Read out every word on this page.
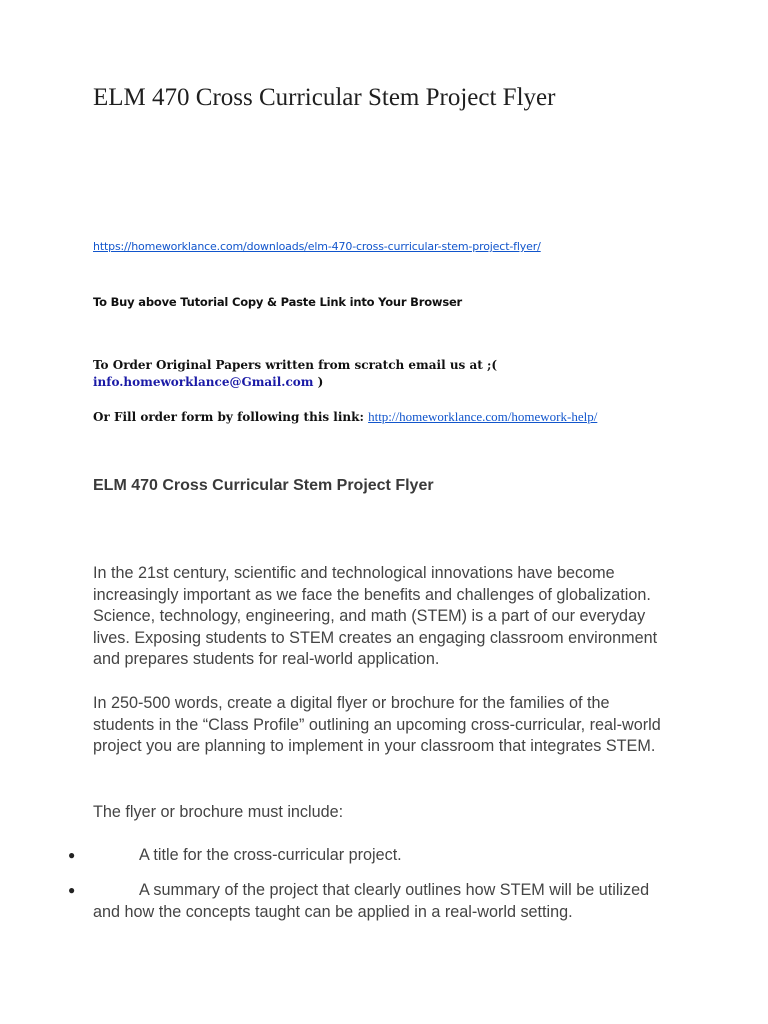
ELM 470 Cross Curricular Stem Project Flyer
https://homeworklance.com/downloads/elm-470-cross-curricular-stem-project-flyer/
To Buy above Tutorial Copy & Paste Link into Your Browser
To Order Original Papers written from scratch email us at ;(
info.homeworklance@Gmail.com )
Or Fill order form by following this link: http://homeworklance.com/homework-help/
ELM 470 Cross Curricular Stem Project Flyer

In the 21st century, scientific and technological innovations have become increasingly important as we face the benefits and challenges of globalization. Science, technology, engineering, and math (STEM) is a part of our everyday lives. Exposing students to STEM creates an engaging classroom environment and prepares students for real-world application.

In 250-500 words, create a digital flyer or brochure for the families of the students in the “Class Profile” outlining an upcoming cross-curricular, real-world project you are planning to implement in your classroom that integrates STEM.

The flyer or brochure must include:

●	A title for the cross-curricular project.
●	A summary of the project that clearly outlines how STEM will be utilized and how the concepts taught can be applied in a real-world setting.
